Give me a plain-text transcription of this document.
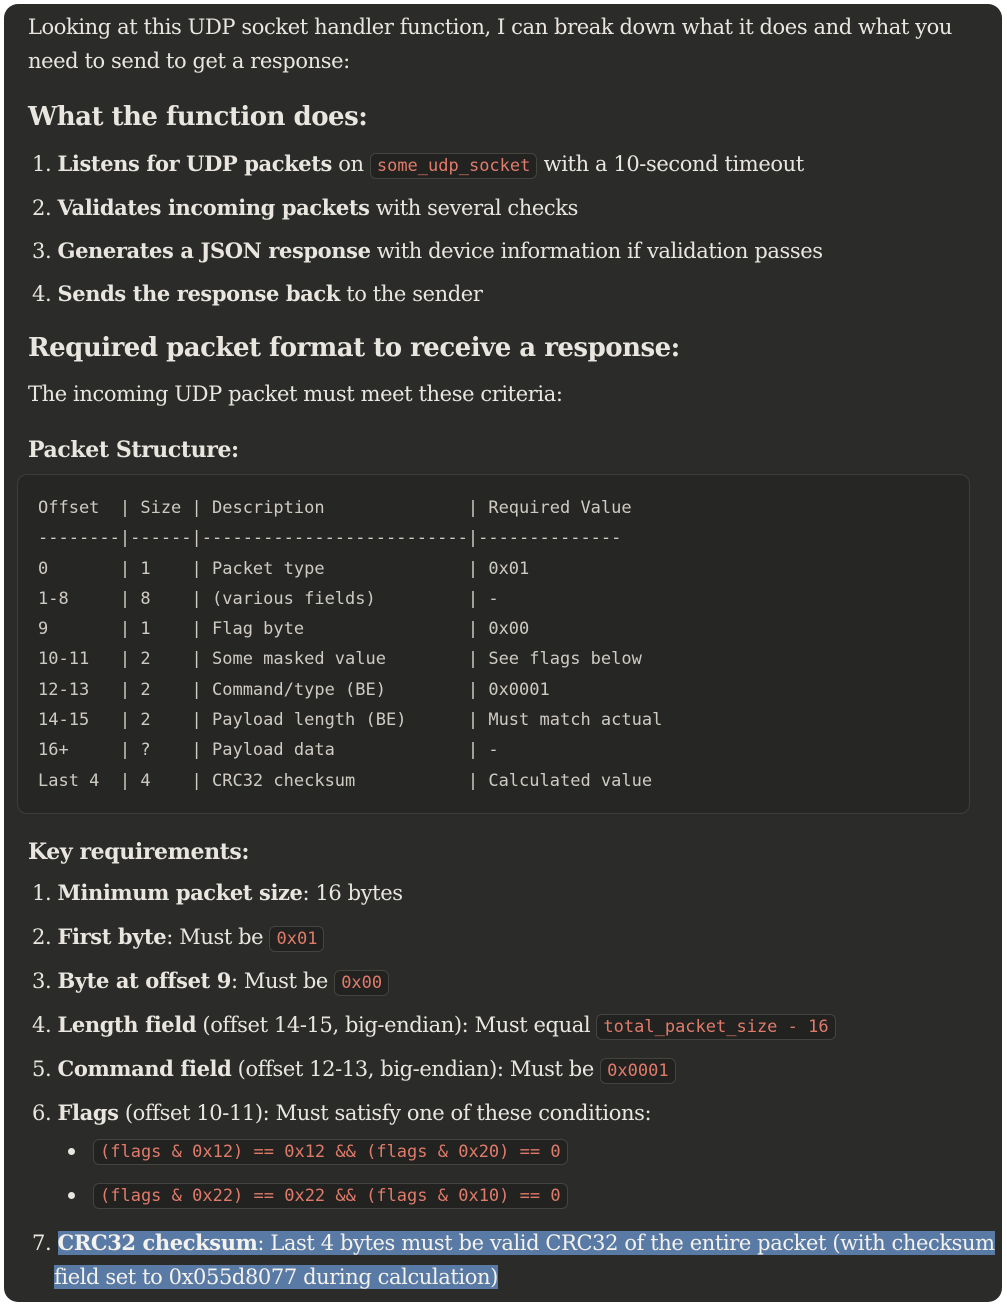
Looking at this UDP socket handler function, I can break down what it does and what you
need to send to get a response:
What the function does:
1. Listens for UDP packets on some_udp_socket with a 10-second timeout
2. Validates incoming packets with several checks
3. Generates a JSON response with device information if validation passes
4. Sends the response back to the sender
Required packet format to receive a response:
The incoming UDP packet must meet these criteria:
Packet Structure:
Offset  | Size | Description              | Required Value
--------|------|--------------------------|--------------
0       | 1    | Packet type              | 0x01
1-8     | 8    | (various fields)         | -
9       | 1    | Flag byte                | 0x00
10-11   | 2    | Some masked value        | See flags below
12-13   | 2    | Command/type (BE)        | 0x0001
14-15   | 2    | Payload length (BE)      | Must match actual
16+     | ?    | Payload data             | -
Last 4  | 4    | CRC32 checksum           | Calculated value
Key requirements:
1. Minimum packet size: 16 bytes
2. First byte: Must be 0x01
3. Byte at offset 9: Must be 0x00
4. Length field (offset 14-15, big-endian): Must equal total_packet_size - 16
5. Command field (offset 12-13, big-endian): Must be 0x0001
6. Flags (offset 10-11): Must satisfy one of these conditions:
(flags & 0x12) == 0x12 && (flags & 0x20) == 0
(flags & 0x22) == 0x22 && (flags & 0x10) == 0
7. CRC32 checksum: Last 4 bytes must be valid CRC32 of the entire packet (with checksum
field set to 0x055d8077 during calculation)
